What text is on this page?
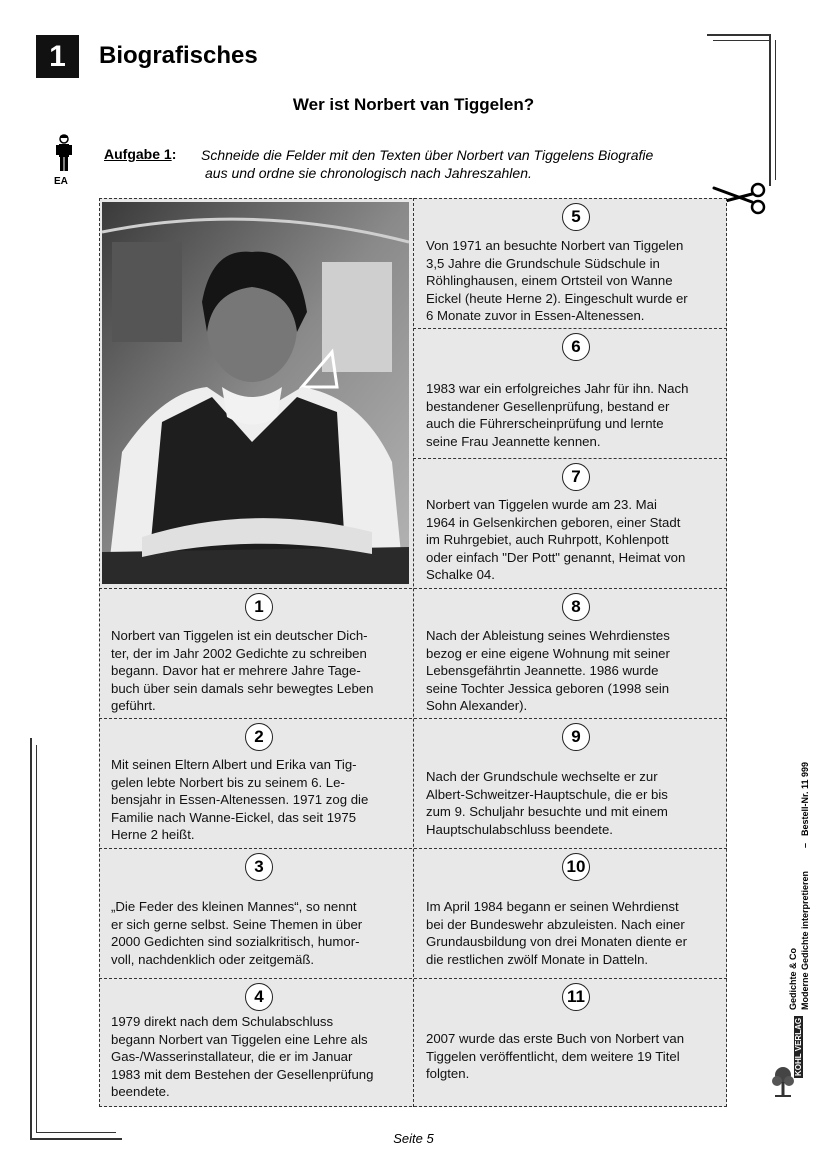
1	Biografisches
Wer ist Norbert van Tiggelen?
EA
Aufgabe 1: Schneide die Felder mit den Texten über Norbert van Tiggelens Biografie
aus und ordne sie chronologisch nach Jahreszahlen.
5
Von 1971 an besuchte Norbert van Tiggelen
3,5 Jahre die Grundschule Südschule in
Röhlinghausen, einem Ortsteil von Wanne
Eickel (heute Herne 2). Eingeschult wurde er
6 Monate zuvor in Essen-Altenessen.
6
1983 war ein erfolgreiches Jahr für ihn. Nach
bestandener Gesellenprüfung, bestand er
auch die Führerscheinprüfung und lernte
seine Frau Jeannette kennen.
7
Norbert van Tiggelen wurde am 23. Mai
1964 in Gelsenkirchen geboren, einer Stadt
im Ruhrgebiet, auch Ruhrpott, Kohlenpott
oder einfach "Der Pott" genannt, Heimat von
Schalke 04.
1
Norbert van Tiggelen ist ein deutscher Dich-
ter, der im Jahr 2002 Gedichte zu schreiben
begann. Davor hat er mehrere Jahre Tage-
buch über sein damals sehr bewegtes Leben
geführt.
8
Nach der Ableistung seines Wehrdienstes
bezog er eine eigene Wohnung mit seiner
Lebensgefährtin Jeannette. 1986 wurde
seine Tochter Jessica geboren (1998 sein
Sohn Alexander).
2
Mit seinen Eltern Albert und Erika van Tig-
gelen lebte Norbert bis zu seinem 6. Le-
bensjahr in Essen-Altenessen. 1971 zog die
Familie nach Wanne-Eickel, das seit 1975
Herne 2 heißt.
9
Nach der Grundschule wechselte er zur
Albert-Schweitzer-Hauptschule, die er bis
zum 9. Schuljahr besuchte und mit einem
Hauptschulabschluss beendete.
3
„Die Feder des kleinen Mannes“, so nennt
er sich gerne selbst. Seine Themen in über
2000 Gedichten sind sozialkritisch, humor-
voll, nachdenklich oder zeitgemäß.
10
Im April 1984 begann er seinen Wehrdienst
bei der Bundeswehr abzuleisten. Nach einer
Grundausbildung von drei Monaten diente er
die restlichen zwölf Monate in Datteln.
4
1979 direkt nach dem Schulabschluss
begann Norbert van Tiggelen eine Lehre als
Gas-/Wasserinstallateur, die er im Januar
1983 mit dem Bestehen der Gesellenprüfung
beendete.
11
2007 wurde das erste Buch von Norbert van
Tiggelen veröffentlicht, dem weitere 19 Titel
folgten.
Bestell-Nr. 11 999
–
Moderne Gedichte interpretieren
Gedichte & Co
KOHL VERLAG
Seite 5
